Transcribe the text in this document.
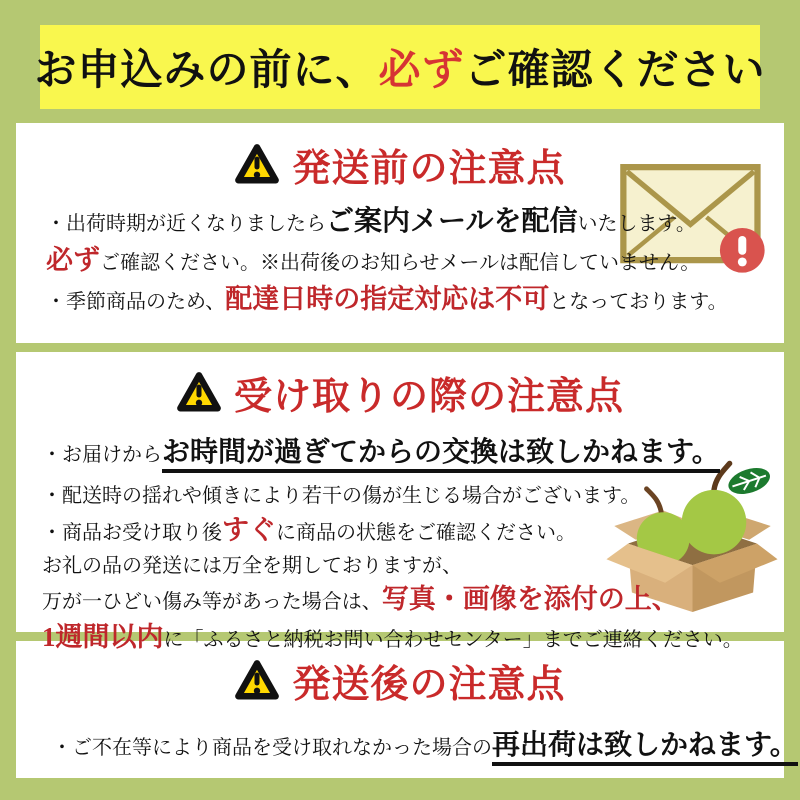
お申込みの前に、 必ず ご確認ください
発送前の注意点
・出荷時期が近くなりましたらご案内メールを配信いたします。
必ずご確認ください。※出荷後のお知らせメールは配信していません。
・季節商品のため、配達日時の指定対応は不可となっております。
受け取りの際の注意点
・お届けからお時間が過ぎてからの交換は致しかねます。
・配送時の揺れや傾きにより若干の傷が生じる場合がございます。
・商品お受け取り後すぐに商品の状態をご確認ください。
お礼の品の発送には万全を期しておりますが、
万が一ひどい傷み等があった場合は、写真・画像を添付の上、
1週間以内に「ふるさと納税お問い合わせセンター」までご連絡ください。
発送後の注意点
・ご不在等により商品を受け取れなかった場合の再出荷は致しかねます。
